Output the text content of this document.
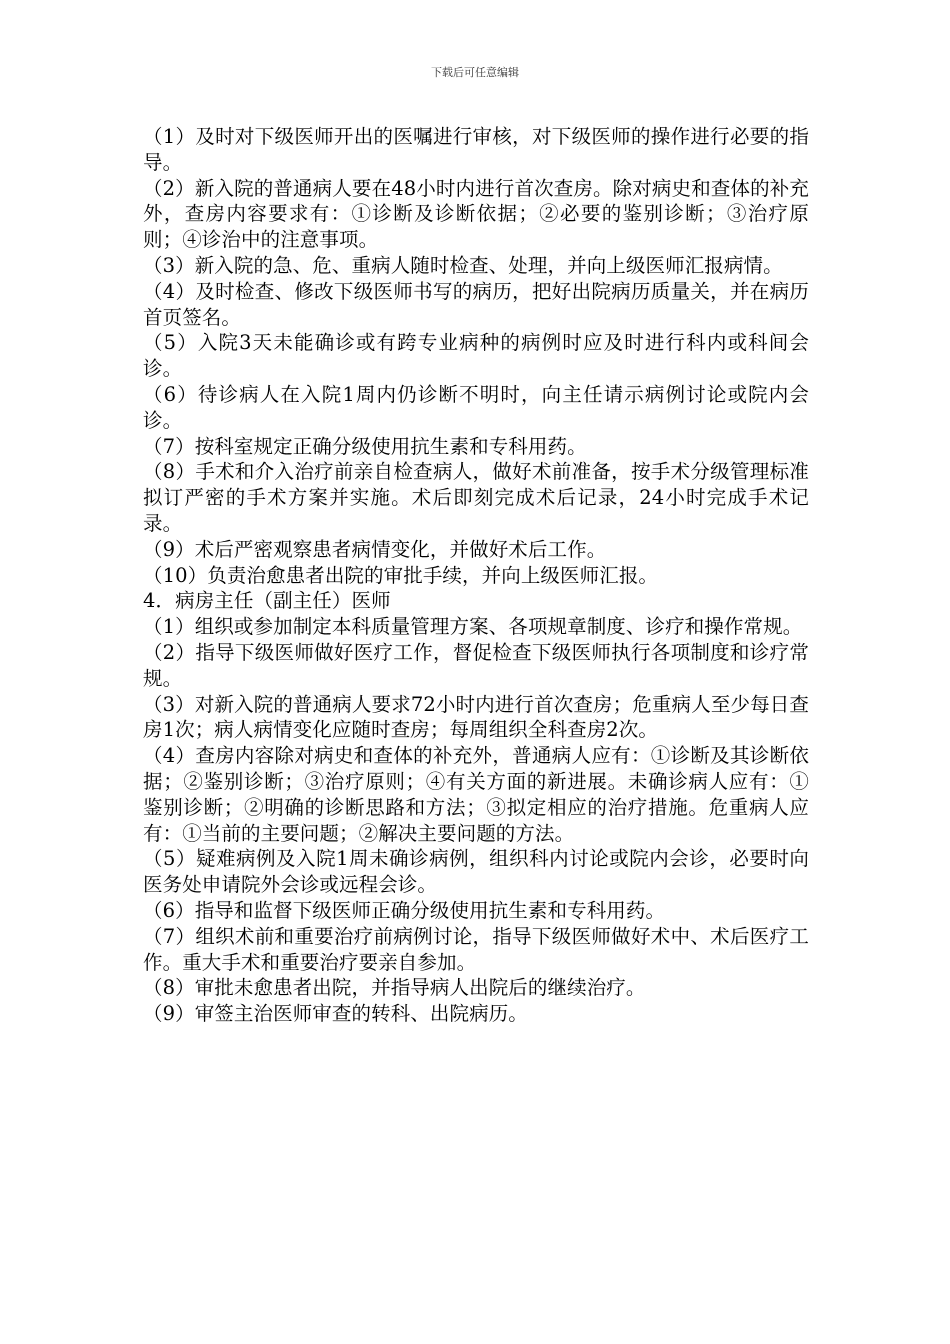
下载后可任意编辑

（1）及时对下级医师开出的医嘱进行审核，对下级医师的操作进行必要的指导。

（2）新入院的普通病人要在48小时内进行首次查房。除对病史和查体的补充外，查房内容要求有：①诊断及诊断依据；②必要的鉴别诊断；③治疗原则；④诊治中的注意事项。

（3）新入院的急、危、重病人随时检查、处理，并向上级医师汇报病情。

（4）及时检查、修改下级医师书写的病历，把好出院病历质量关，并在病历首页签名。

（5）入院3天未能确诊或有跨专业病种的病例时应及时进行科内或科间会诊。

（6）待诊病人在入院1周内仍诊断不明时，向主任请示病例讨论或院内会诊。

（7）按科室规定正确分级使用抗生素和专科用药。

（8）手术和介入治疗前亲自检查病人，做好术前准备，按手术分级管理标准拟订严密的手术方案并实施。术后即刻完成术后记录，24小时完成手术记录。

（9）术后严密观察患者病情变化，并做好术后工作。

（10）负责治愈患者出院的审批手续，并向上级医师汇报。

4．病房主任（副主任）医师

（1）组织或参加制定本科质量管理方案、各项规章制度、诊疗和操作常规。

（2）指导下级医师做好医疗工作，督促检查下级医师执行各项制度和诊疗常规。

（3）对新入院的普通病人要求72小时内进行首次查房；危重病人至少每日查房1次；病人病情变化应随时查房；每周组织全科查房2次。

（4）查房内容除对病史和查体的补充外，普通病人应有：①诊断及其诊断依据；②鉴别诊断；③治疗原则；④有关方面的新进展。未确诊病人应有：①鉴别诊断；②明确的诊断思路和方法；③拟定相应的治疗措施。危重病人应有：①当前的主要问题；②解决主要问题的方法。

（5）疑难病例及入院1周未确诊病例，组织科内讨论或院内会诊，必要时向医务处申请院外会诊或远程会诊。

（6）指导和监督下级医师正确分级使用抗生素和专科用药。

（7）组织术前和重要治疗前病例讨论，指导下级医师做好术中、术后医疗工作。重大手术和重要治疗要亲自参加。

（8）审批未愈患者出院，并指导病人出院后的继续治疗。

（9）审签主治医师审查的转科、出院病历。
